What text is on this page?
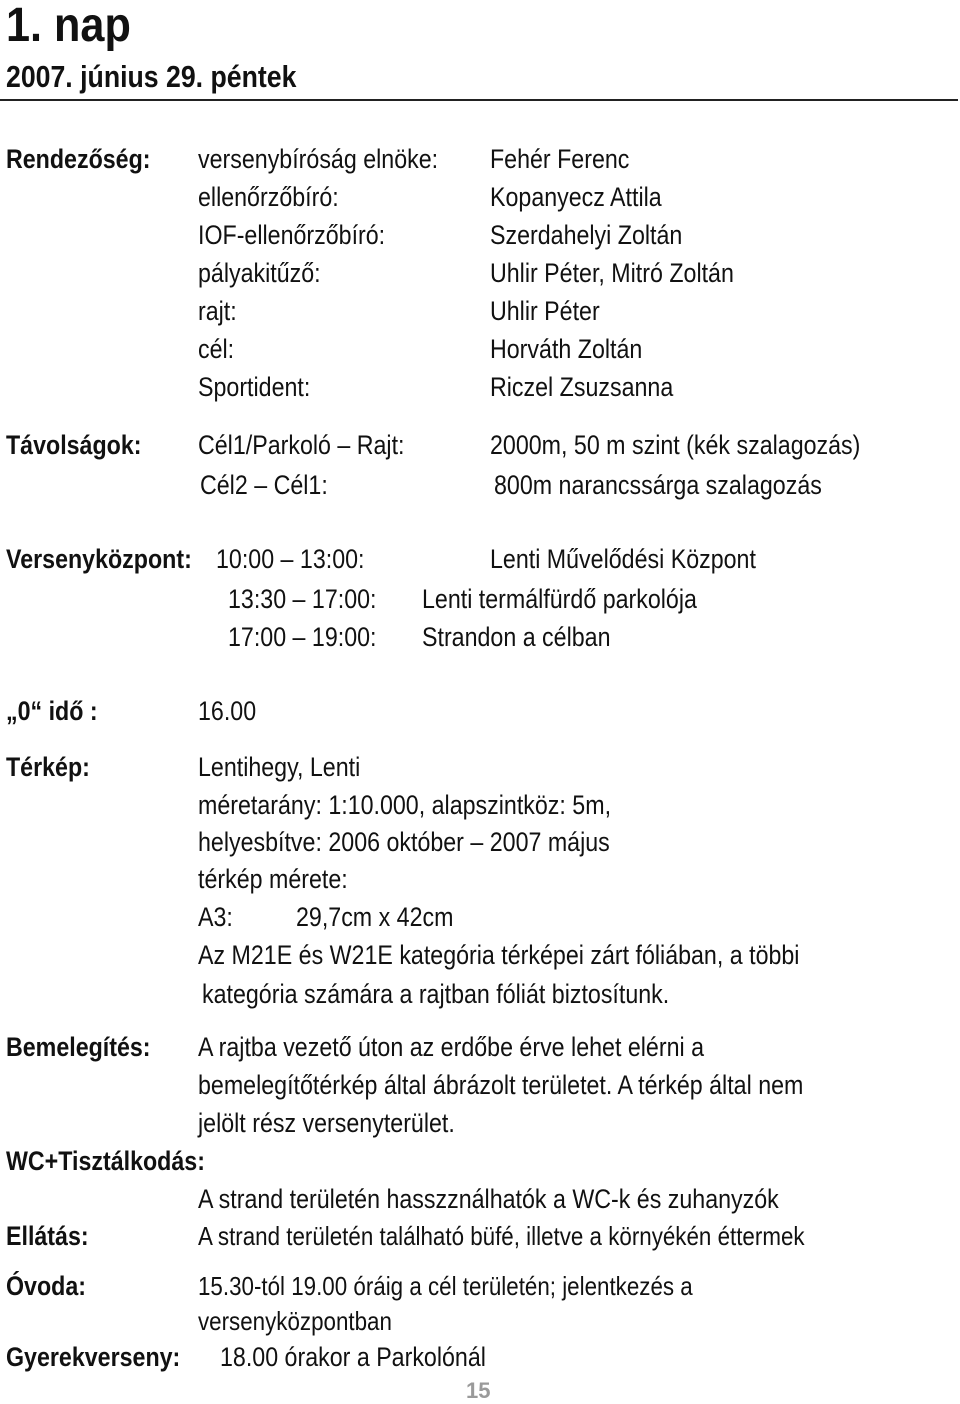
1. nap
2007. június 29. péntek
Rendezőség: versenybíróság elnöke: Fehér Ferenc
ellenőrzőbíró:	Kopanyecz Attila
IOF-ellenőrzőbíró:	Szerdahelyi Zoltán
pályakitűző:	Uhlir Péter, Mitró Zoltán
rajt:	Uhlir Péter
cél:	Horváth Zoltán
Sportident:	Riczel Zsuzsanna
Távolságok: Cél1/Parkoló – Rajt:	2000m, 50 m szint (kék szalagozás)
Cél2 – Cél1:	800m narancssárga szalagozás
Versenyközpont: 10:00 – 13:00:	Lenti Művelődési Központ
13:30 – 17:00: Lenti termálfürdő parkolója
17:00 – 19:00: Strandon a célban
„0“ idő :	16.00
Térkép:	Lentihegy, Lenti
méretarány: 1:10.000, alapszintköz: 5m,
helyesbítve: 2006 október – 2007 május
térkép mérete:
A3: 29,7cm x 42cm
Az M21E és W21E kategória térképei zárt fóliában, a többi
kategória számára a rajtban fóliát biztosítunk.
Bemelegítés: A rajtba vezető úton az erdőbe érve lehet elérni a
bemelegítőtérkép által ábrázolt területet. A térkép által nem
jelölt rész versenyterület.
WC+Tisztálkodás:
A strand területén hasszználhatók a WC-k és zuhanyzók
Ellátás:	A strand területén található büfé, illetve a környékén éttermek
Óvoda:	15.30-tól 19.00 óráig a cél területén; jelentkezés a
versenyközpontban
Gyerekverseny: 18.00 órakor a Parkolónál
15
